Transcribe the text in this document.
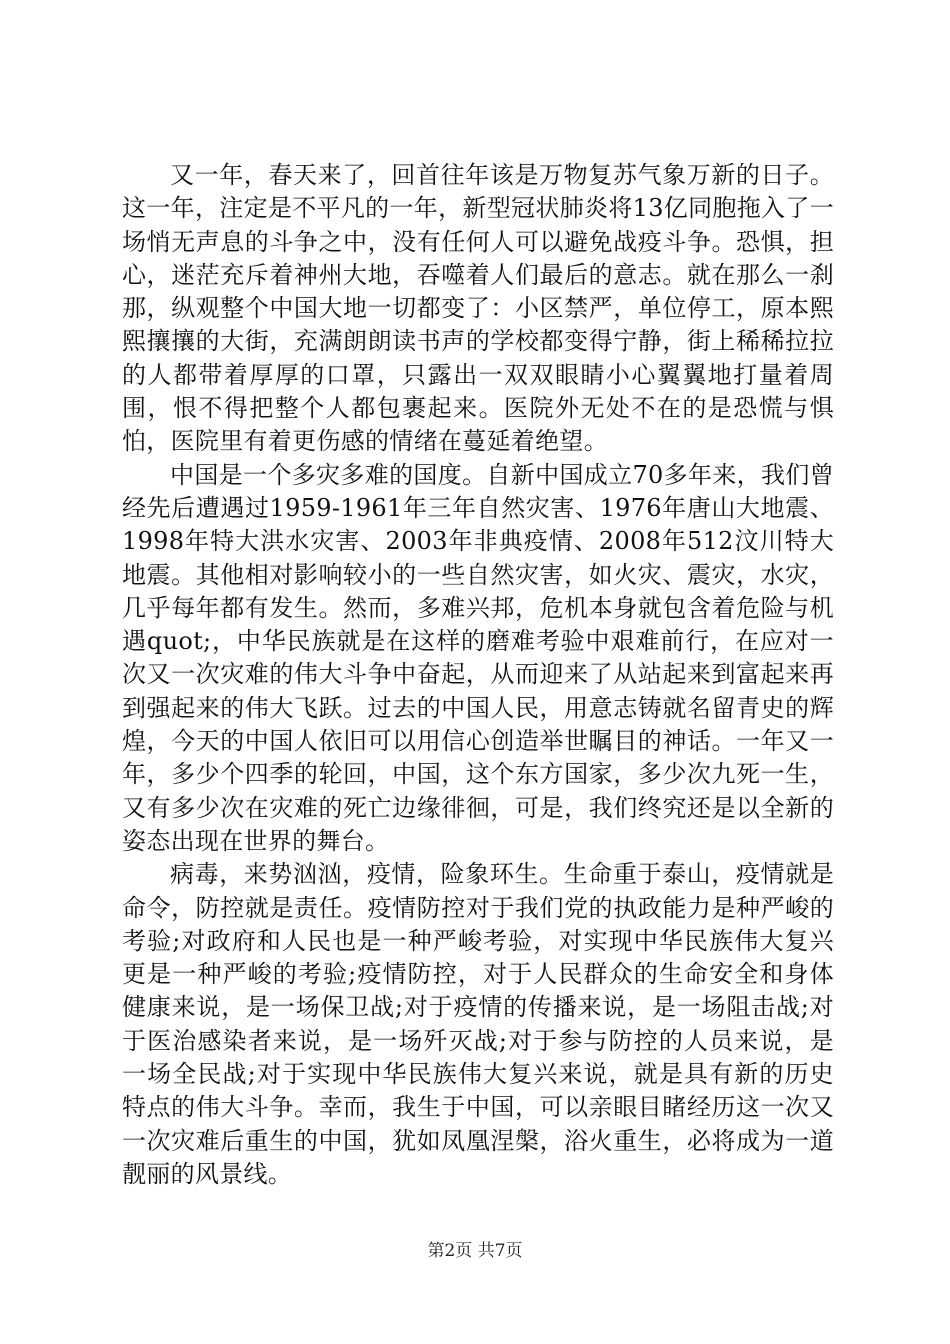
又一年，春天来了，回首往年该是万物复苏气象万新的日子。这一年，注定是不平凡的一年，新型冠状肺炎将13亿同胞拖入了一场悄无声息的斗争之中，没有任何人可以避免战疫斗争。恐惧，担心，迷茫充斥着神州大地，吞噬着人们最后的意志。就在那么一刹那，纵观整个中国大地一切都变了：小区禁严，单位停工，原本熙熙攘攘的大街，充满朗朗读书声的学校都变得宁静，街上稀稀拉拉的人都带着厚厚的口罩，只露出一双双眼睛小心翼翼地打量着周围，恨不得把整个人都包裹起来。医院外无处不在的是恐慌与惧怕，医院里有着更伤感的情绪在蔓延着绝望。

中国是一个多灾多难的国度。自新中国成立70多年来，我们曾经先后遭遇过1959-1961年三年自然灾害、1976年唐山大地震、1998年特大洪水灾害、2003年非典疫情、2008年512汶川特大地震。其他相对影响较小的一些自然灾害，如火灾、震灾，水灾，几乎每年都有发生。然而，多难兴邦，危机本身就包含着危险与机遇quot;，中华民族就是在这样的磨难考验中艰难前行，在应对一次又一次灾难的伟大斗争中奋起，从而迎来了从站起来到富起来再到强起来的伟大飞跃。过去的中国人民，用意志铸就名留青史的辉煌，今天的中国人依旧可以用信心创造举世瞩目的神话。一年又一年，多少个四季的轮回，中国，这个东方国家，多少次九死一生，又有多少次在灾难的死亡边缘徘徊，可是，我们终究还是以全新的姿态出现在世界的舞台。

病毒，来势汹汹，疫情，险象环生。生命重于泰山，疫情就是命令，防控就是责任。疫情防控对于我们党的执政能力是种严峻的考验;对政府和人民也是一种严峻考验，对实现中华民族伟大复兴更是一种严峻的考验;疫情防控，对于人民群众的生命安全和身体健康来说，是一场保卫战;对于疫情的传播来说，是一场阻击战;对于医治感染者来说，是一场歼灭战;对于参与防控的人员来说，是一场全民战;对于实现中华民族伟大复兴来说，就是具有新的历史特点的伟大斗争。幸而，我生于中国，可以亲眼目睹经历这一次又一次灾难后重生的中国，犹如凤凰涅槃，浴火重生，必将成为一道靓丽的风景线。

第2页 共7页
